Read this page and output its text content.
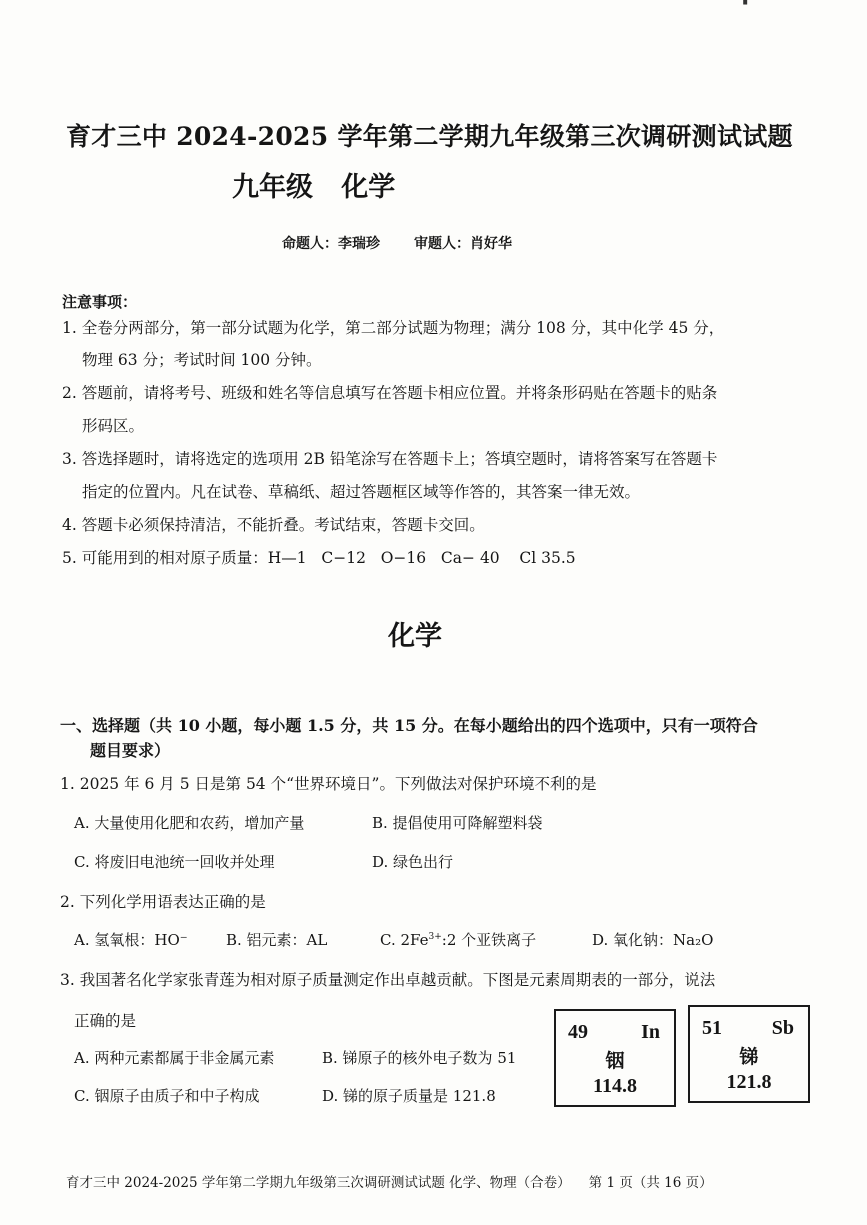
▘
育才三中 2024-2025 学年第二学期九年级第三次调研测试试题
九年级   化学
命题人：李瑞珍 审题人：肖好华
注意事项：
1. 全卷分两部分，第一部分试题为化学，第二部分试题为物理；满分 108 分，其中化学 45 分，
物理 63 分；考试时间 100 分钟。
2. 答题前，请将考号、班级和姓名等信息填写在答题卡相应位置。并将条形码贴在答题卡的贴条
形码区。
3. 答选择题时，请将选定的选项用 2B 铅笔涂写在答题卡上；答填空题时，请将答案写在答题卡
指定的位置内。凡在试卷、草稿纸、超过答题框区域等作答的，其答案一律无效。
4. 答题卡必须保持清洁，不能折叠。考试结束，答题卡交回。
5. 可能用到的相对原子质量：H—1   C−12   O−16   Ca− 40    Cl 35.5
化学
一、选择题（共 10 小题，每小题 1.5 分，共 15 分。在每小题给出的四个选项中，只有一项符合
题目要求）
1. 2025 年 6 月 5 日是第 54 个“世界环境日”。下列做法对保护环境不利的是
A. 大量使用化肥和农药，增加产量	B. 提倡使用可降解塑料袋
C. 将废旧电池统一回收并处理	D. 绿色出行
2. 下列化学用语表达正确的是
A. 氢氧根：HO⁻	B. 铝元素：AL	C. $2Fe^{3+}:2$ 个亚铁离子	D. 氧化钠：Na₂O
3. 我国著名化学家张青莲为相对原子质量测定作出卓越贡献。下图是元素周期表的一部分，说法
正确的是
A. 两种元素都属于非金属元素	B. 锑原子的核外电子数为 51
C. 铟原子由质子和中子构成	D. 锑的原子质量是 121.8
49	In
铟
114.8
51 Sb
锑
121.8
育才三中 2024-2025 学年第二学期九年级第三次调研测试试题 化学、物理（合卷） 第 1 页（共 16 页）
